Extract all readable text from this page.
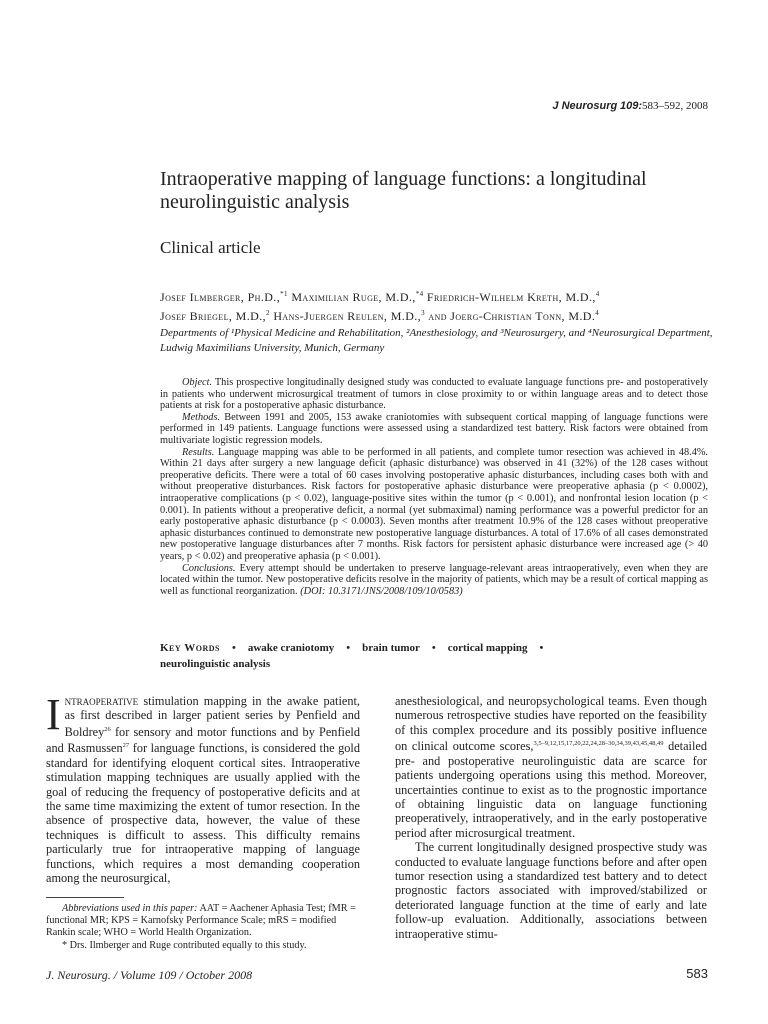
J Neurosurg 109:583–592, 2008
Intraoperative mapping of language functions: a longitudinal neurolinguistic analysis
Clinical article
Josef Ilmberger, Ph.D.,$^{*1}$ Maximilian Ruge, M.D.,$^{*4}$ Friedrich-Wilhelm Kreth, M.D.,$^4$
Josef Briegel, M.D.,$^2$ Hans-Juergen Reulen, M.D.,$^3$ and Joerg-Christian Tonn, M.D.$^4$
Departments of ¹Physical Medicine and Rehabilitation, ²Anesthesiology, and ³Neurosurgery, and ⁴Neurosurgical Department, Ludwig Maximilians University, Munich, Germany

Object. This prospective longitudinally designed study was conducted to evaluate language functions pre- and postoperatively in patients who underwent microsurgical treatment of tumors in close proximity to or within language areas and to detect those patients at risk for a postoperative aphasic disturbance.

Methods. Between 1991 and 2005, 153 awake craniotomies with subsequent cortical mapping of language functions were performed in 149 patients. Language functions were assessed using a standardized test battery. Risk factors were obtained from multivariate logistic regression models.

Results. Language mapping was able to be performed in all patients, and complete tumor resection was achieved in 48.4%. Within 21 days after surgery a new language deficit (aphasic disturbance) was observed in 41 (32%) of the 128 cases without preoperative deficits. There were a total of 60 cases involving postoperative aphasic disturbances, including cases both with and without preoperative disturbances. Risk factors for postoperative aphasic disturbance were preoperative aphasia (p < 0.0002), intraoperative complications (p < 0.02), language-positive sites within the tumor (p < 0.001), and nonfrontal lesion location (p < 0.001). In patients without a preoperative deficit, a normal (yet submaximal) naming performance was a powerful predictor for an early postoperative aphasic disturbance (p < 0.0003). Seven months after treatment 10.9% of the 128 cases without preoperative aphasic disturbances continued to demonstrate new postoperative language disturbances. A total of 17.6% of all cases demonstrated new postoperative language disturbances after 7 months. Risk factors for persistent aphasic disturbance were increased age (> 40 years, p < 0.02) and preoperative aphasia (p < 0.001).

Conclusions. Every attempt should be undertaken to preserve language-relevant areas intraoperatively, even when they are located within the tumor. New postoperative deficits resolve in the majority of patients, which may be a result of cortical mapping as well as functional reorganization. (DOI: 10.3171/JNS/2008/109/10/0583)

Key Words • awake craniotomy • brain tumor • cortical mapping •
neurolinguistic analysis
Intraoperative stimulation mapping in the awake patient, as first described in larger patient series by Penfield and Boldrey$^{26}$ for sensory and motor functions and by Penfield and Rasmussen$^{27}$ for language functions, is considered the gold standard for identifying eloquent cortical sites. Intraoperative stimulation mapping techniques are usually applied with the goal of reducing the frequency of postoperative deficits and at the same time maximizing the extent of tumor resection. In the absence of prospective data, however, the value of these techniques is difficult to assess. This difficulty remains particularly true for intraoperative mapping of language functions, which requires a most demanding cooperation among the neurosurgical,

anesthesiological, and neuropsychological teams. Even though numerous retrospective studies have reported on the feasibility of this complex procedure and its possibly positive influence on clinical outcome scores,$^{3,5-9,12,15,17,20,22,24,28-30,34,39,43,45,48,49}$ detailed pre- and postoperative neurolinguistic data are scarce for patients undergoing operations using this method. Moreover, uncertainties continue to exist as to the prognostic importance of obtaining linguistic data on language functioning preoperatively, intraoperatively, and in the early postoperative period after microsurgical treatment.

The current longitudinally designed prospective study was conducted to evaluate language functions before and after open tumor resection using a standardized test battery and to detect prognostic factors associated with improved/stabilized or deteriorated language function at the time of early and late follow-up evaluation. Additionally, associations between intraoperative stimu-

Abbreviations used in this paper: AAT = Aachener Aphasia Test; fMR = functional MR; KPS = Karnofsky Performance Scale; mRS = modified Rankin scale; WHO = World Health Organization.

* Drs. Ilmberger and Ruge contributed equally to this study.

J. Neurosurg. / Volume 109 / October 2008	583
